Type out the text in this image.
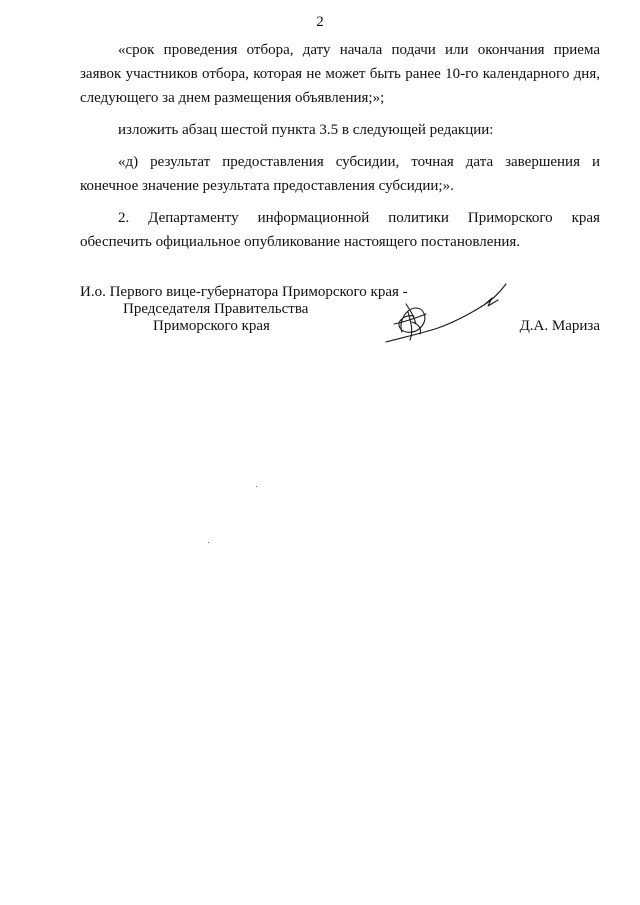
2

«срок проведения отбора, дату начала подачи или окончания приема заявок участников отбора, которая не может быть ранее 10-го календарного дня, следующего за днем размещения объявления;»;

изложить абзац шестой пункта 3.5 в следующей редакции:

«д) результат предоставления субсидии, точная дата завершения и конечное значение результата предоставления субсидии;».

2. Департаменту информационной политики Приморского края

обеспечить официальное опубликование настоящего постановления.

И.о. Первого вице-губернатора Приморского края -
Председателя Правительства
Приморского края	Д.А. Мариза
